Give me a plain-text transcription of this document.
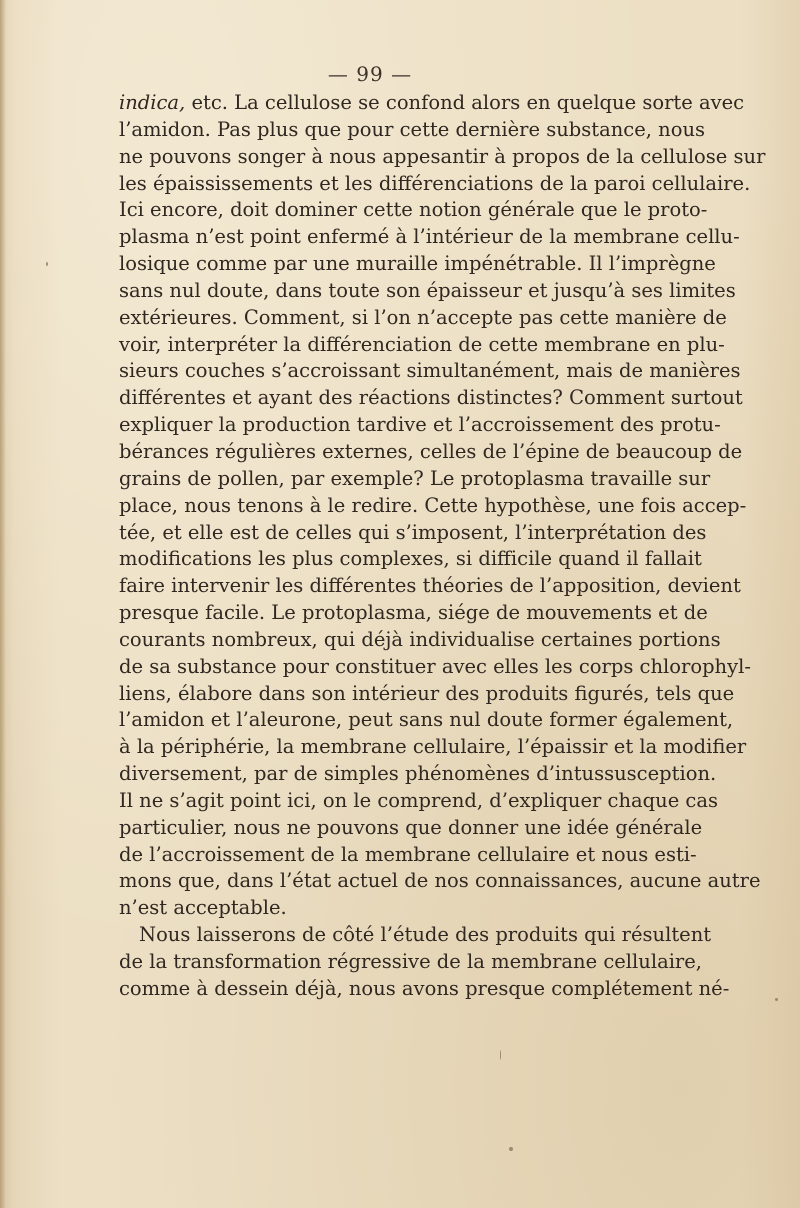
— 99 —
indica, etc. La cellulose se confond alors en quelque sorte avec
l’amidon. Pas plus que pour cette dernière substance, nous
ne pouvons songer à nous appesantir à propos de la cellulose sur
les épaississements et les différenciations de la paroi cellulaire.
Ici encore, doit dominer cette notion générale que le proto-
plasma n’est point enfermé à l’intérieur de la membrane cellu-
losique comme par une muraille impénétrable. Il l’imprègne
sans nul doute, dans toute son épaisseur et jusqu’à ses limites
extérieures. Comment, si l’on n’accepte pas cette manière de
voir, interpréter la différenciation de cette membrane en plu-
sieurs couches s’accroissant simultanément, mais de manières
différentes et ayant des réactions distinctes? Comment surtout
expliquer la production tardive et l’accroissement des protu-
bérances régulières externes, celles de l’épine de beaucoup de
grains de pollen, par exemple? Le protoplasma travaille sur
place, nous tenons à le redire. Cette hypothèse, une fois accep-
tée, et elle est de celles qui s’imposent, l’interprétation des
modifications les plus complexes, si difficile quand il fallait
faire intervenir les différentes théories de l’apposition, devient
presque facile. Le protoplasma, siége de mouvements et de
courants nombreux, qui déjà individualise certaines portions
de sa substance pour constituer avec elles les corps chlorophyl-
liens, élabore dans son intérieur des produits figurés, tels que
l’amidon et l’aleurone, peut sans nul doute former également,
à la périphérie, la membrane cellulaire, l’épaissir et la modifier
diversement, par de simples phénomènes d’intussusception.
Il ne s’agit point ici, on le comprend, d’expliquer chaque cas
particulier, nous ne pouvons que donner une idée générale
de l’accroissement de la membrane cellulaire et nous esti-
mons que, dans l’état actuel de nos connaissances, aucune autre
n’est acceptable.
Nous laisserons de côté l’étude des produits qui résultent
de la transformation régressive de la membrane cellulaire,
comme à dessein déjà, nous avons presque complétement né-
